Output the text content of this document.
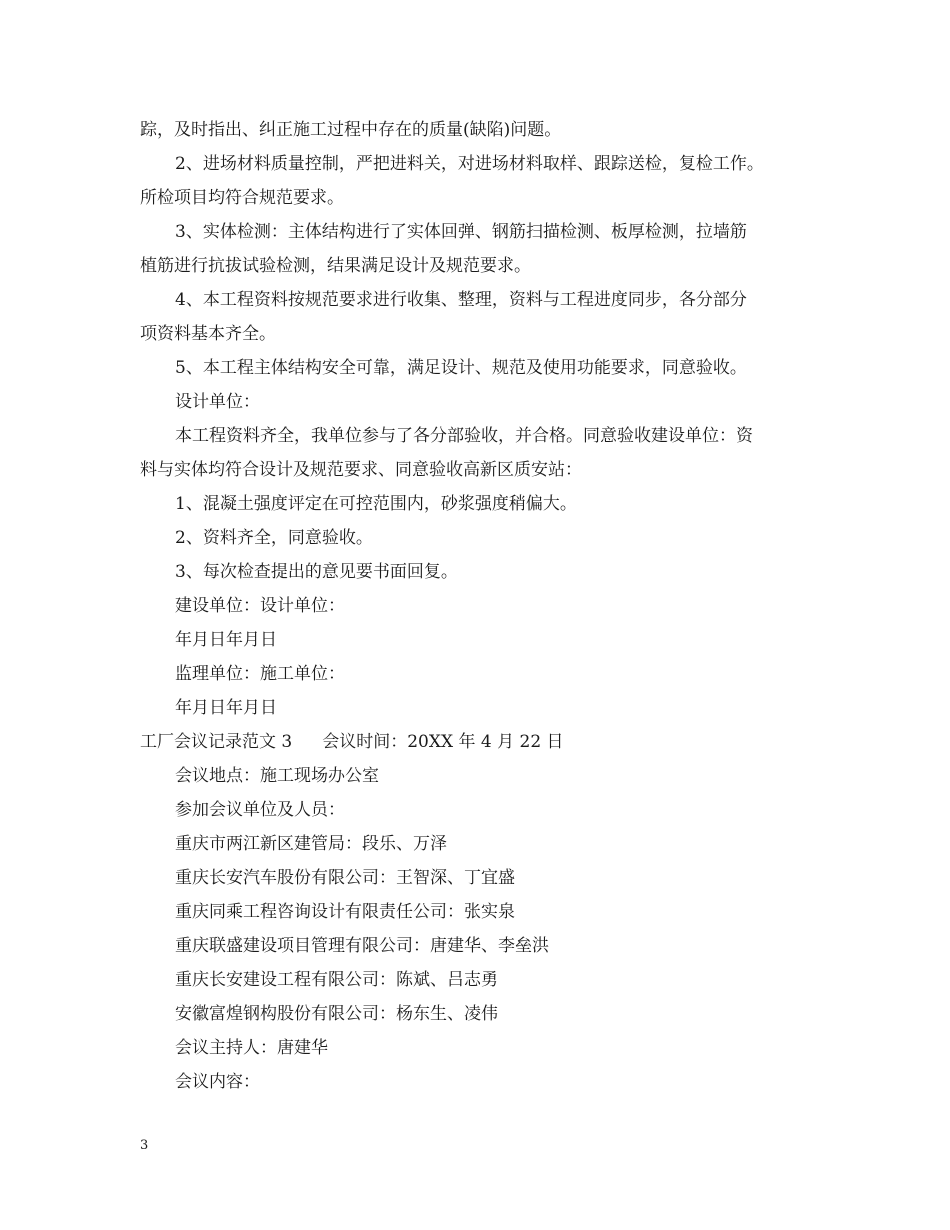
踪，及时指出、纠正施工过程中存在的质量(缺陷)问题。
2、进场材料质量控制，严把进料关，对进场材料取样、跟踪送检，复检工作。
所检项目均符合规范要求。
3、实体检测：主体结构进行了实体回弹、钢筋扫描检测、板厚检测，拉墙筋
植筋进行抗拔试验检测，结果满足设计及规范要求。
4、本工程资料按规范要求进行收集、整理，资料与工程进度同步，各分部分
项资料基本齐全。
5、本工程主体结构安全可靠，满足设计、规范及使用功能要求，同意验收。
设计单位：
本工程资料齐全，我单位参与了各分部验收，并合格。同意验收建设单位：资
料与实体均符合设计及规范要求、同意验收高新区质安站：
1、混凝土强度评定在可控范围内，砂浆强度稍偏大。
2、资料齐全，同意验收。
3、每次检查提出的意见要书面回复。
建设单位：设计单位：
年月日年月日
监理单位：施工单位：
年月日年月日
工厂会议记录范文 3 会议时间：20XX 年 4 月 22 日
会议地点：施工现场办公室
参加会议单位及人员：
重庆市两江新区建管局：段乐、万泽
重庆长安汽车股份有限公司：王智深、丁宜盛
重庆同乘工程咨询设计有限责任公司：张实泉
重庆联盛建设项目管理有限公司：唐建华、李垒洪
重庆长安建设工程有限公司：陈斌、吕志勇
安徽富煌钢构股份有限公司：杨东生、凌伟
会议主持人：唐建华
会议内容：
3
